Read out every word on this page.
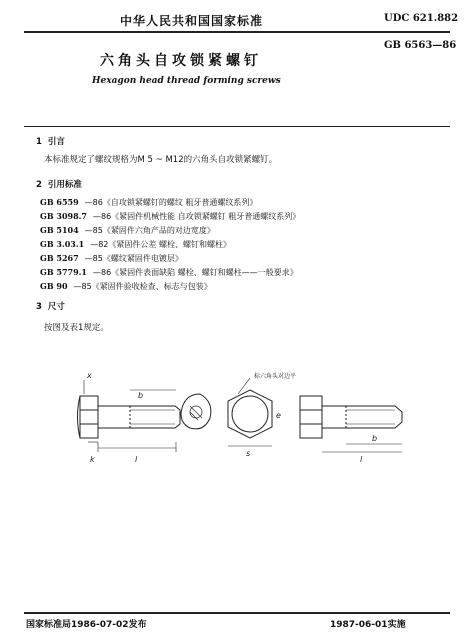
中华人民共和国国家标准	UDC 621.882
GB 6563—86
六角头自攻锁紧螺钉
Hexagon head thread forming screws
1 引言
本标准规定了螺纹规格为M 5 ~ M12的六角头自攻锁紧螺钉。
2 引用标准
GB 6559 —86《自攻锁紧螺钉的螺纹 粗牙普通螺纹系列》
GB 3098.7 —86《紧固件机械性能 自攻锁紧螺钉 粗牙普通螺纹系列》
GB 5104 —85《紧固件六角产品的对边宽度》
GB 3.03.1 —82《紧固件公差 螺栓、螺钉和螺柱》
GB 5267 —85《螺纹紧固件电镀层》
GB 5779.1 —86《紧固件表面缺陷 螺栓、螺钉和螺柱——一般要求》
GB 90 —85《紧固件验收检查、标志与包装》
3 尺寸
按图及表1规定。
b
l
k
x	标六角头对边平
s
e
b
l
国家标准局1986-07-02发布	1987-06-01实施
